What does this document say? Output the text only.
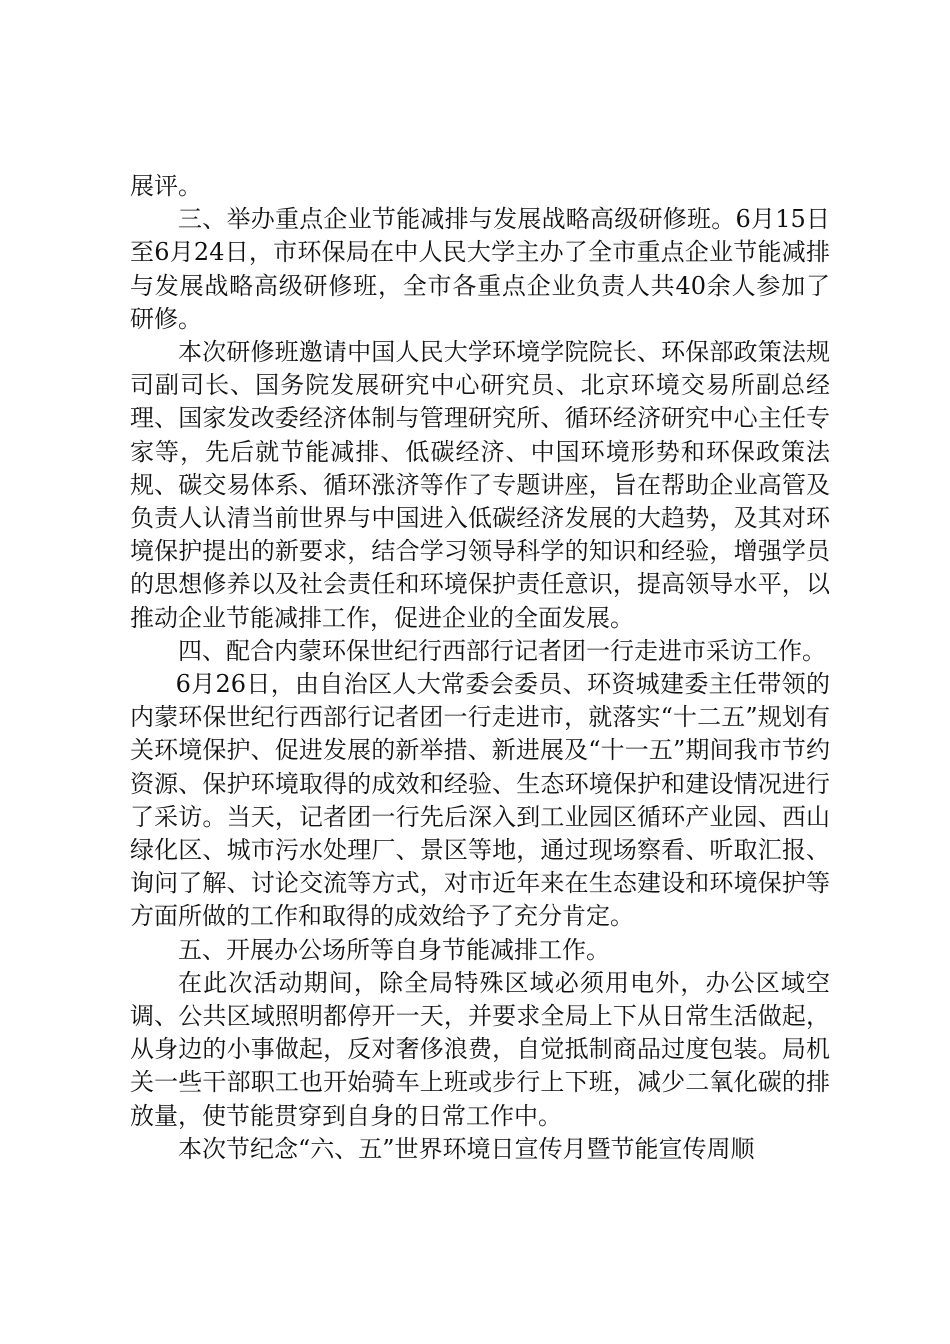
展评。

三、举办重点企业节能减排与发展战略高级研修班。6月15日至6月24日，市环保局在中人民大学主办了全市重点企业节能减排与发展战略高级研修班，全市各重点企业负责人共40余人参加了研修。

本次研修班邀请中国人民大学环境学院院长、环保部政策法规司副司长、国务院发展研究中心研究员、北京环境交易所副总经理、国家发改委经济体制与管理研究所、循环经济研究中心主任专家等，先后就节能减排、低碳经济、中国环境形势和环保政策法规、碳交易体系、循环涨济等作了专题讲座，旨在帮助企业高管及负责人认清当前世界与中国进入低碳经济发展的大趋势，及其对环境保护提出的新要求，结合学习领导科学的知识和经验，增强学员的思想修养以及社会责任和环境保护责任意识，提高领导水平，以推动企业节能减排工作，促进企业的全面发展。

四、配合内蒙环保世纪行西部行记者团一行走进市采访工作。

6月26日，由自治区人大常委会委员、环资城建委主任带领的内蒙环保世纪行西部行记者团一行走进市，就落实“十二五”规划有关环境保护、促进发展的新举措、新进展及“十一五”期间我市节约资源、保护环境取得的成效和经验、生态环境保护和建设情况进行了采访。当天，记者团一行先后深入到工业园区循环产业园、西山绿化区、城市污水处理厂、景区等地，通过现场察看、听取汇报、询问了解、讨论交流等方式，对市近年来在生态建设和环境保护等方面所做的工作和取得的成效给予了充分肯定。

五、开展办公场所等自身节能减排工作。

在此次活动期间，除全局特殊区域必须用电外，办公区域空调、公共区域照明都停开一天，并要求全局上下从日常生活做起，从身边的小事做起，反对奢侈浪费，自觉抵制商品过度包装。局机关一些干部职工也开始骑车上班或步行上下班，减少二氧化碳的排放量，使节能贯穿到自身的日常工作中。

本次节纪念“六、五”世界环境日宣传月暨节能宣传周顺
